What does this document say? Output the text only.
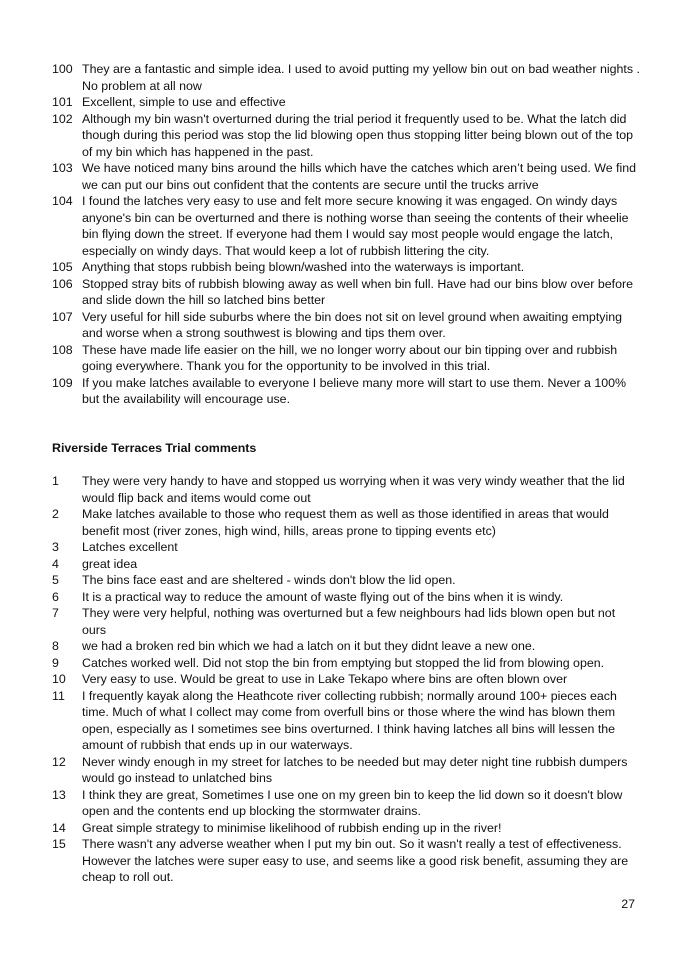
100 They are a fantastic and simple idea. I used to avoid putting my yellow bin out on bad weather nights . No problem at all now
101 Excellent, simple to use and effective
102 Although my bin wasn't overturned during the trial period it frequently used to be. What the latch did though during this period was stop the lid blowing open thus stopping litter being blown out of the top of my bin which has happened in the past.
103 We have noticed many bins around the hills which have the catches which aren’t being used. We find we can put our bins out confident that the contents are secure until the trucks arrive
104 I found the latches very easy to use and felt more secure knowing it was engaged. On windy days anyone's bin can be overturned and there is nothing worse than seeing the contents of their wheelie bin flying down the street. If everyone had them I would say most people would engage the latch, especially on windy days. That would keep a lot of rubbish littering the city.
105 Anything that stops rubbish being blown/washed into the waterways is important.
106 Stopped stray bits of rubbish blowing away as well when bin full. Have had our bins blow over before and slide down the hill so latched bins better
107 Very useful for hill side suburbs where the bin does not sit on level ground when awaiting emptying and worse when a strong southwest is blowing and tips them over.
108 These have made life easier on the hill, we no longer worry about our bin tipping over and rubbish going everywhere. Thank you for the opportunity to be involved in this trial.
109 If you make latches available to everyone I believe many more will start to use them. Never a 100% but the availability will encourage use.
Riverside Terraces Trial comments
1	They were very handy to have and stopped us worrying when it was very windy weather that the lid would flip back and items would come out
2	Make latches available to those who request them as well as those identified in areas that would benefit most (river zones, high wind, hills, areas prone to tipping events etc)
3	Latches excellent
4	great idea
5	The bins face east and are sheltered - winds don't blow the lid open.
6	It is a practical way to reduce the amount of waste flying out of the bins when it is windy.
7	They were very helpful, nothing was overturned but a few neighbours had lids blown open but not ours
8	we had a broken red bin which we had a latch on it but they didnt leave a new one.
9	Catches worked well. Did not stop the bin from emptying but stopped the lid from blowing open.
10	Very easy to use. Would be great to use in Lake Tekapo where bins are often blown over
11	I frequently kayak along the Heathcote river collecting rubbish; normally around 100+ pieces each time. Much of what I collect may come from overfull bins or those where the wind has blown them open, especially as I sometimes see bins overturned. I think having latches all bins will lessen the amount of rubbish that ends up in our waterways.
12	Never windy enough in my street for latches to be needed but may deter night tine rubbish dumpers would go instead to unlatched bins
13	I think they are great, Sometimes I use one on my green bin to keep the lid down so it doesn't blow open and the contents end up blocking the stormwater drains.
14	Great simple strategy to minimise likelihood of rubbish ending up in the river!
15	There wasn't any adverse weather when I put my bin out. So it wasn't really a test of effectiveness. However the latches were super easy to use, and seems like a good risk benefit, assuming they are cheap to roll out.
27
